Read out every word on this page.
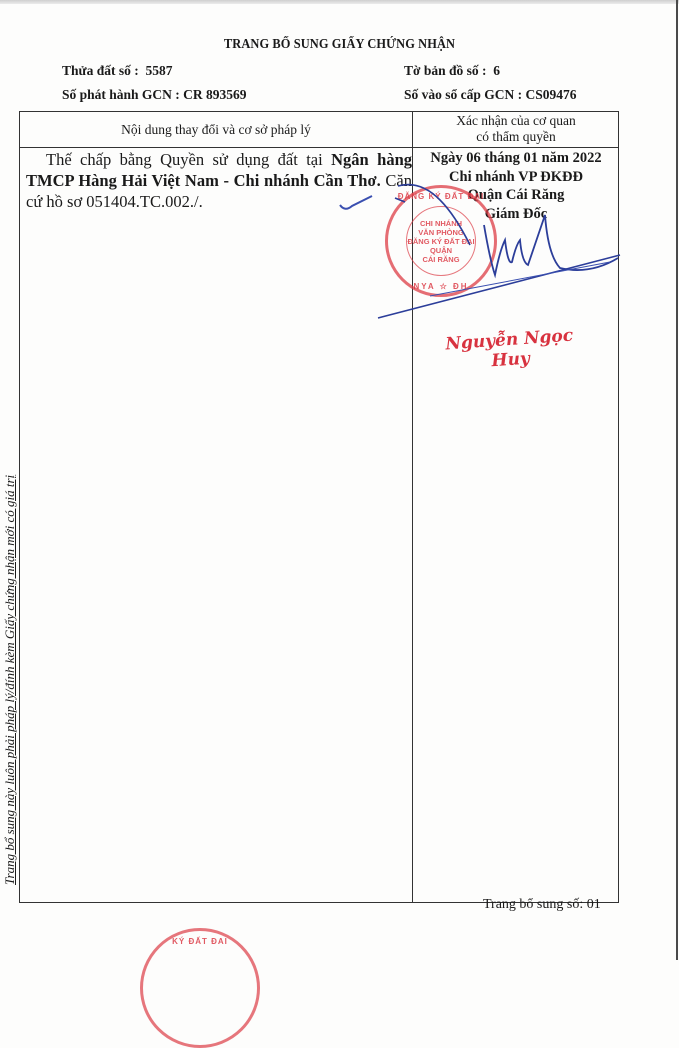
TRANG BỔ SUNG GIẤY CHỨNG NHẬN
Thửa đất số : 5587	Tờ bản đồ số : 6
Số phát hành GCN : CR 893569	Số vào sổ cấp GCN : CS09476
Nội dung thay đổi và cơ sở pháp lý
Xác nhận của cơ quan
có thẩm quyền
Thế chấp bằng Quyền sử dụng đất tại Ngân hàng TMCP Hàng Hải Việt Nam - Chi nhánh Cần Thơ. Căn cứ hồ sơ 051404.TC.002./.
Ngày 06 tháng 01 năm 2022
Chi nhánh VP ĐKĐĐ
Quận Cái Răng
Giám Đốc
ĐĂNG KÝ ĐẤT ĐAI
CHI NHÁNH
VĂN PHÒNG
ĐĂNG KÝ ĐẤT ĐAI
QUẬN
CÁI RĂNG
NYA ☆ ĐH
Nguyễn Ngọc Huy
Trang bổ sung này luôn phải pháp lý/đính kèm Giấy chứng nhận mới có giá trị
Trang bổ sung số: 01
KÝ ĐẤT ĐAI
